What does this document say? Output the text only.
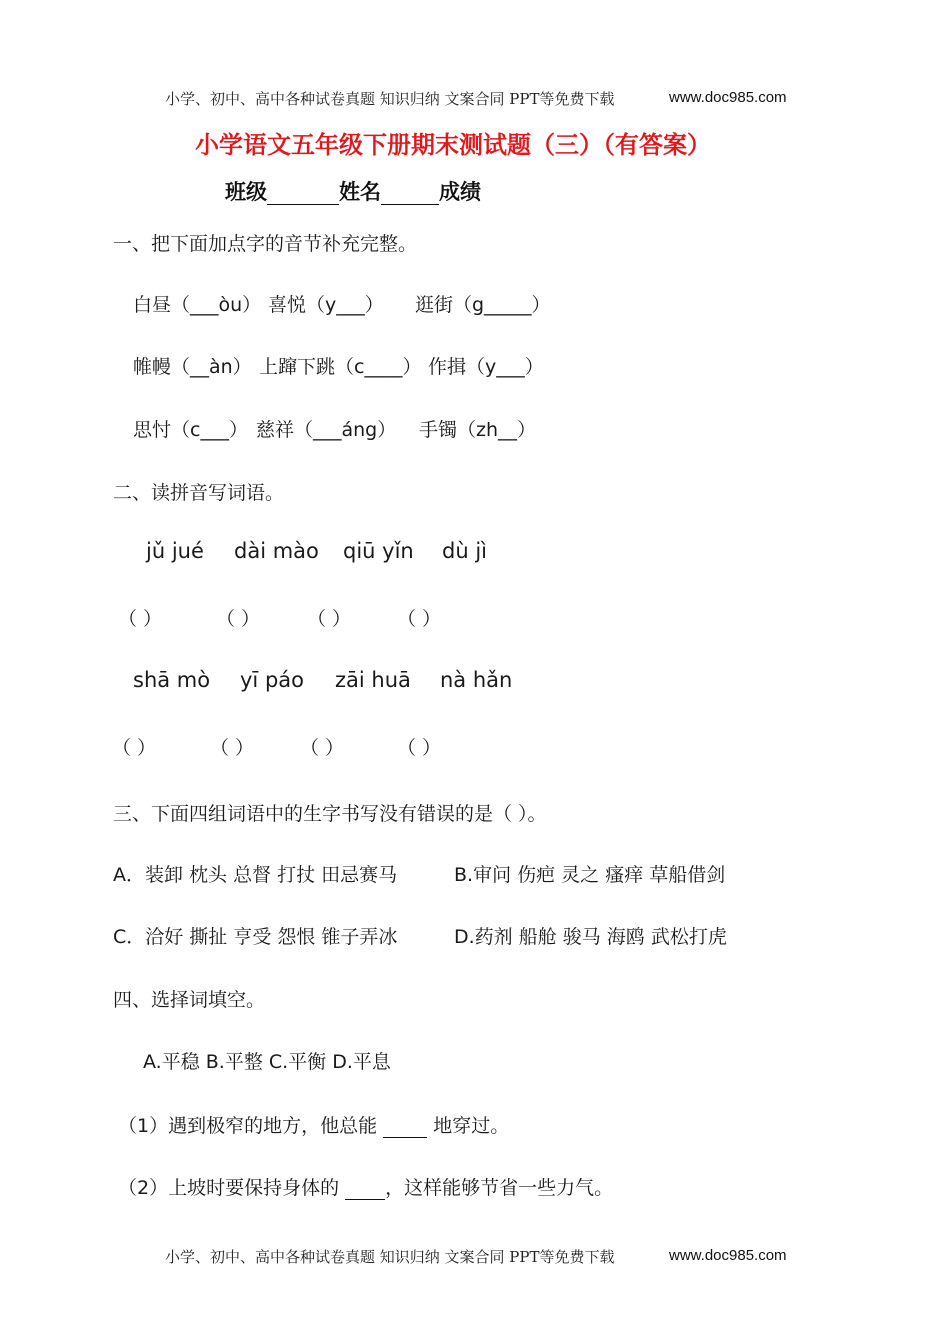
小学、初中、高中各种试卷真题 知识归纳 文案合同 PPT等免费下载	www.doc985.com
小学语文五年级下册期末测试题（三）（有答案）
班级	姓名	成绩
一、把下面加点字的音节补充完整。
白昼（___òu） 喜悦（y___） 逛街（g_____）
帷幔（__àn） 上蹿下跳（c____） 作揖（y___）
思忖（c___） 慈祥（___áng） 手镯（zh__）
二、读拼音写词语。
jǔ jué dài mào qiū yǐn dù jì
（ ）	（ ） （ ） （ ）
shā mò yī páo zāi huā nà hǎn
（ ）	（ ） （ ）	（ ）
三、下面四组词语中的生字书写没有错误的是（ ）。
A．装卸 枕头 总督 打扙 田忌赛马	B.审问 伤疤 灵之 瘙痒 草船借剑
C．洽好 撕扯 亨受 怨恨 锥子弄冰	D.药剂 船舱 骏马 海鸥 武松打虎
四、选择词填空。
A.平稳 B.平整 C.平衡 D.平息
（1）遇到极窄的地方，他总能	地穿过。
（2）上坡时要保持身体的 ，这样能够节省一些力气。
小学、初中、高中各种试卷真题 知识归纳 文案合同 PPT等免费下载	www.doc985.com
